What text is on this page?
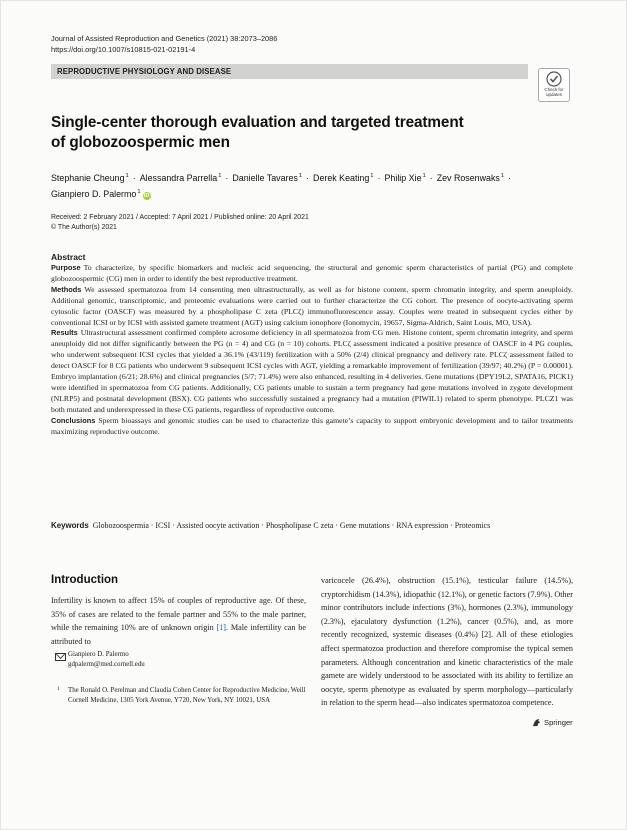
Journal of Assisted Reproduction and Genetics (2021) 38:2073–2086
https://doi.org/10.1007/s10815-021-02191-4
REPRODUCTIVE PHYSIOLOGY AND DISEASE
Check for
updates
Single-center thorough evaluation and targeted treatment
of globozoospermic men
Stephanie Cheung$^1$ · Alessandra Parrella$^1$ · Danielle Tavares$^1$ · Derek Keating$^1$ · Philip Xie$^1$ · Zev Rosenwaks$^1$ ·
Gianpiero D. Palermo$^1$iD
Received: 2 February 2021 / Accepted: 7 April 2021 / Published online: 20 April 2021
© The Author(s) 2021
Abstract

Purpose To characterize, by specific biomarkers and nucleic acid sequencing, the structural and genomic sperm characteristics of partial (PG) and complete globozoospermic (CG) men in order to identify the best reproductive treatment.

Methods We assessed spermatozoa from 14 consenting men ultrastructurally, as well as for histone content, sperm chromatin integrity, and sperm aneuploidy. Additional genomic, transcriptomic, and proteomic evaluations were carried out to further characterize the CG cohort. The presence of oocyte-activating sperm cytosolic factor (OASCF) was measured by a phospholipase C zeta (PLCζ) immunofluorescence assay. Couples were treated in subsequent cycles either by conventional ICSI or by ICSI with assisted gamete treatment (AGT) using calcium ionophore (Ionomycin, 19657, Sigma-Aldrich, Saint Louis, MO, USA).

Results Ultrastructural assessment confirmed complete acrosome deficiency in all spermatozoa from CG men. Histone content, sperm chromatin integrity, and sperm aneuploidy did not differ significantly between the PG (n = 4) and CG (n = 10) cohorts. PLCζ assessment indicated a positive presence of OASCF in 4 PG couples, who underwent subsequent ICSI cycles that yielded a 36.1% (43/119) fertilization with a 50% (2/4) clinical pregnancy and delivery rate. PLCζ assessment failed to detect OASCF for 8 CG patients who underwent 9 subsequent ICSI cycles with AGT, yielding a remarkable improvement of fertilization (39/97; 40.2%) (P = 0.00001). Embryo implantation (6/21; 28.6%) and clinical pregnancies (5/7; 71.4%) were also enhanced, resulting in 4 deliveries. Gene mutations (DPY19L2, SPATA16, PICK1) were identified in spermatozoa from CG patients. Additionally, CG patients unable to sustain a term pregnancy had gene mutations involved in zygote development (NLRP5) and postnatal development (BSX). CG patients who successfully sustained a pregnancy had a mutation (PIWIL1) related to sperm phenotype. PLCZ1 was both mutated and underexpressed in these CG patients, regardless of reproductive outcome.

Conclusions Sperm bioassays and genomic studies can be used to characterize this gamete’s capacity to support embryonic development and to tailor treatments maximizing reproductive outcome.

Keywords Globozoospermia · ICSI · Assisted oocyte activation · Phospholipase C zeta · Gene mutations · RNA expression · Proteomics
Introduction
Infertility is known to affect 15% of couples of reproductive age. Of these, 35% of cases are related to the female partner and 55% to the male partner, while the remaining 10% are of unknown origin [1]. Male infertility can be attributed to
Gianpiero D. Palermo
gdpalerm@med.cornell.edu
1 The Ronald O. Perelman and Claudia Cohen Center for Reproductive Medicine, Weill Cornell Medicine, 1305 York Avenue, Y720, New York, NY 10021, USA
varicocele (26.4%), obstruction (15.1%), testicular failure (14.5%), cryptorchidism (14.3%), idiopathic (12.1%), or genetic factors (7.9%). Other minor contributors include infections (3%), hormones (2.3%), immunology (2.3%), ejaculatory dysfunction (1.2%), cancer (0.5%), and, as more recently recognized, systemic diseases (0.4%) [2]. All of these etiologies affect spermatozoa production and therefore compromise the typical semen parameters. Although concentration and kinetic characteristics of the male gamete are widely understood to be associated with its ability to fertilize an oocyte, sperm phenotype as evaluated by sperm morphology—particularly in relation to the sperm head—also indicates spermatozoa competence.
Springer
